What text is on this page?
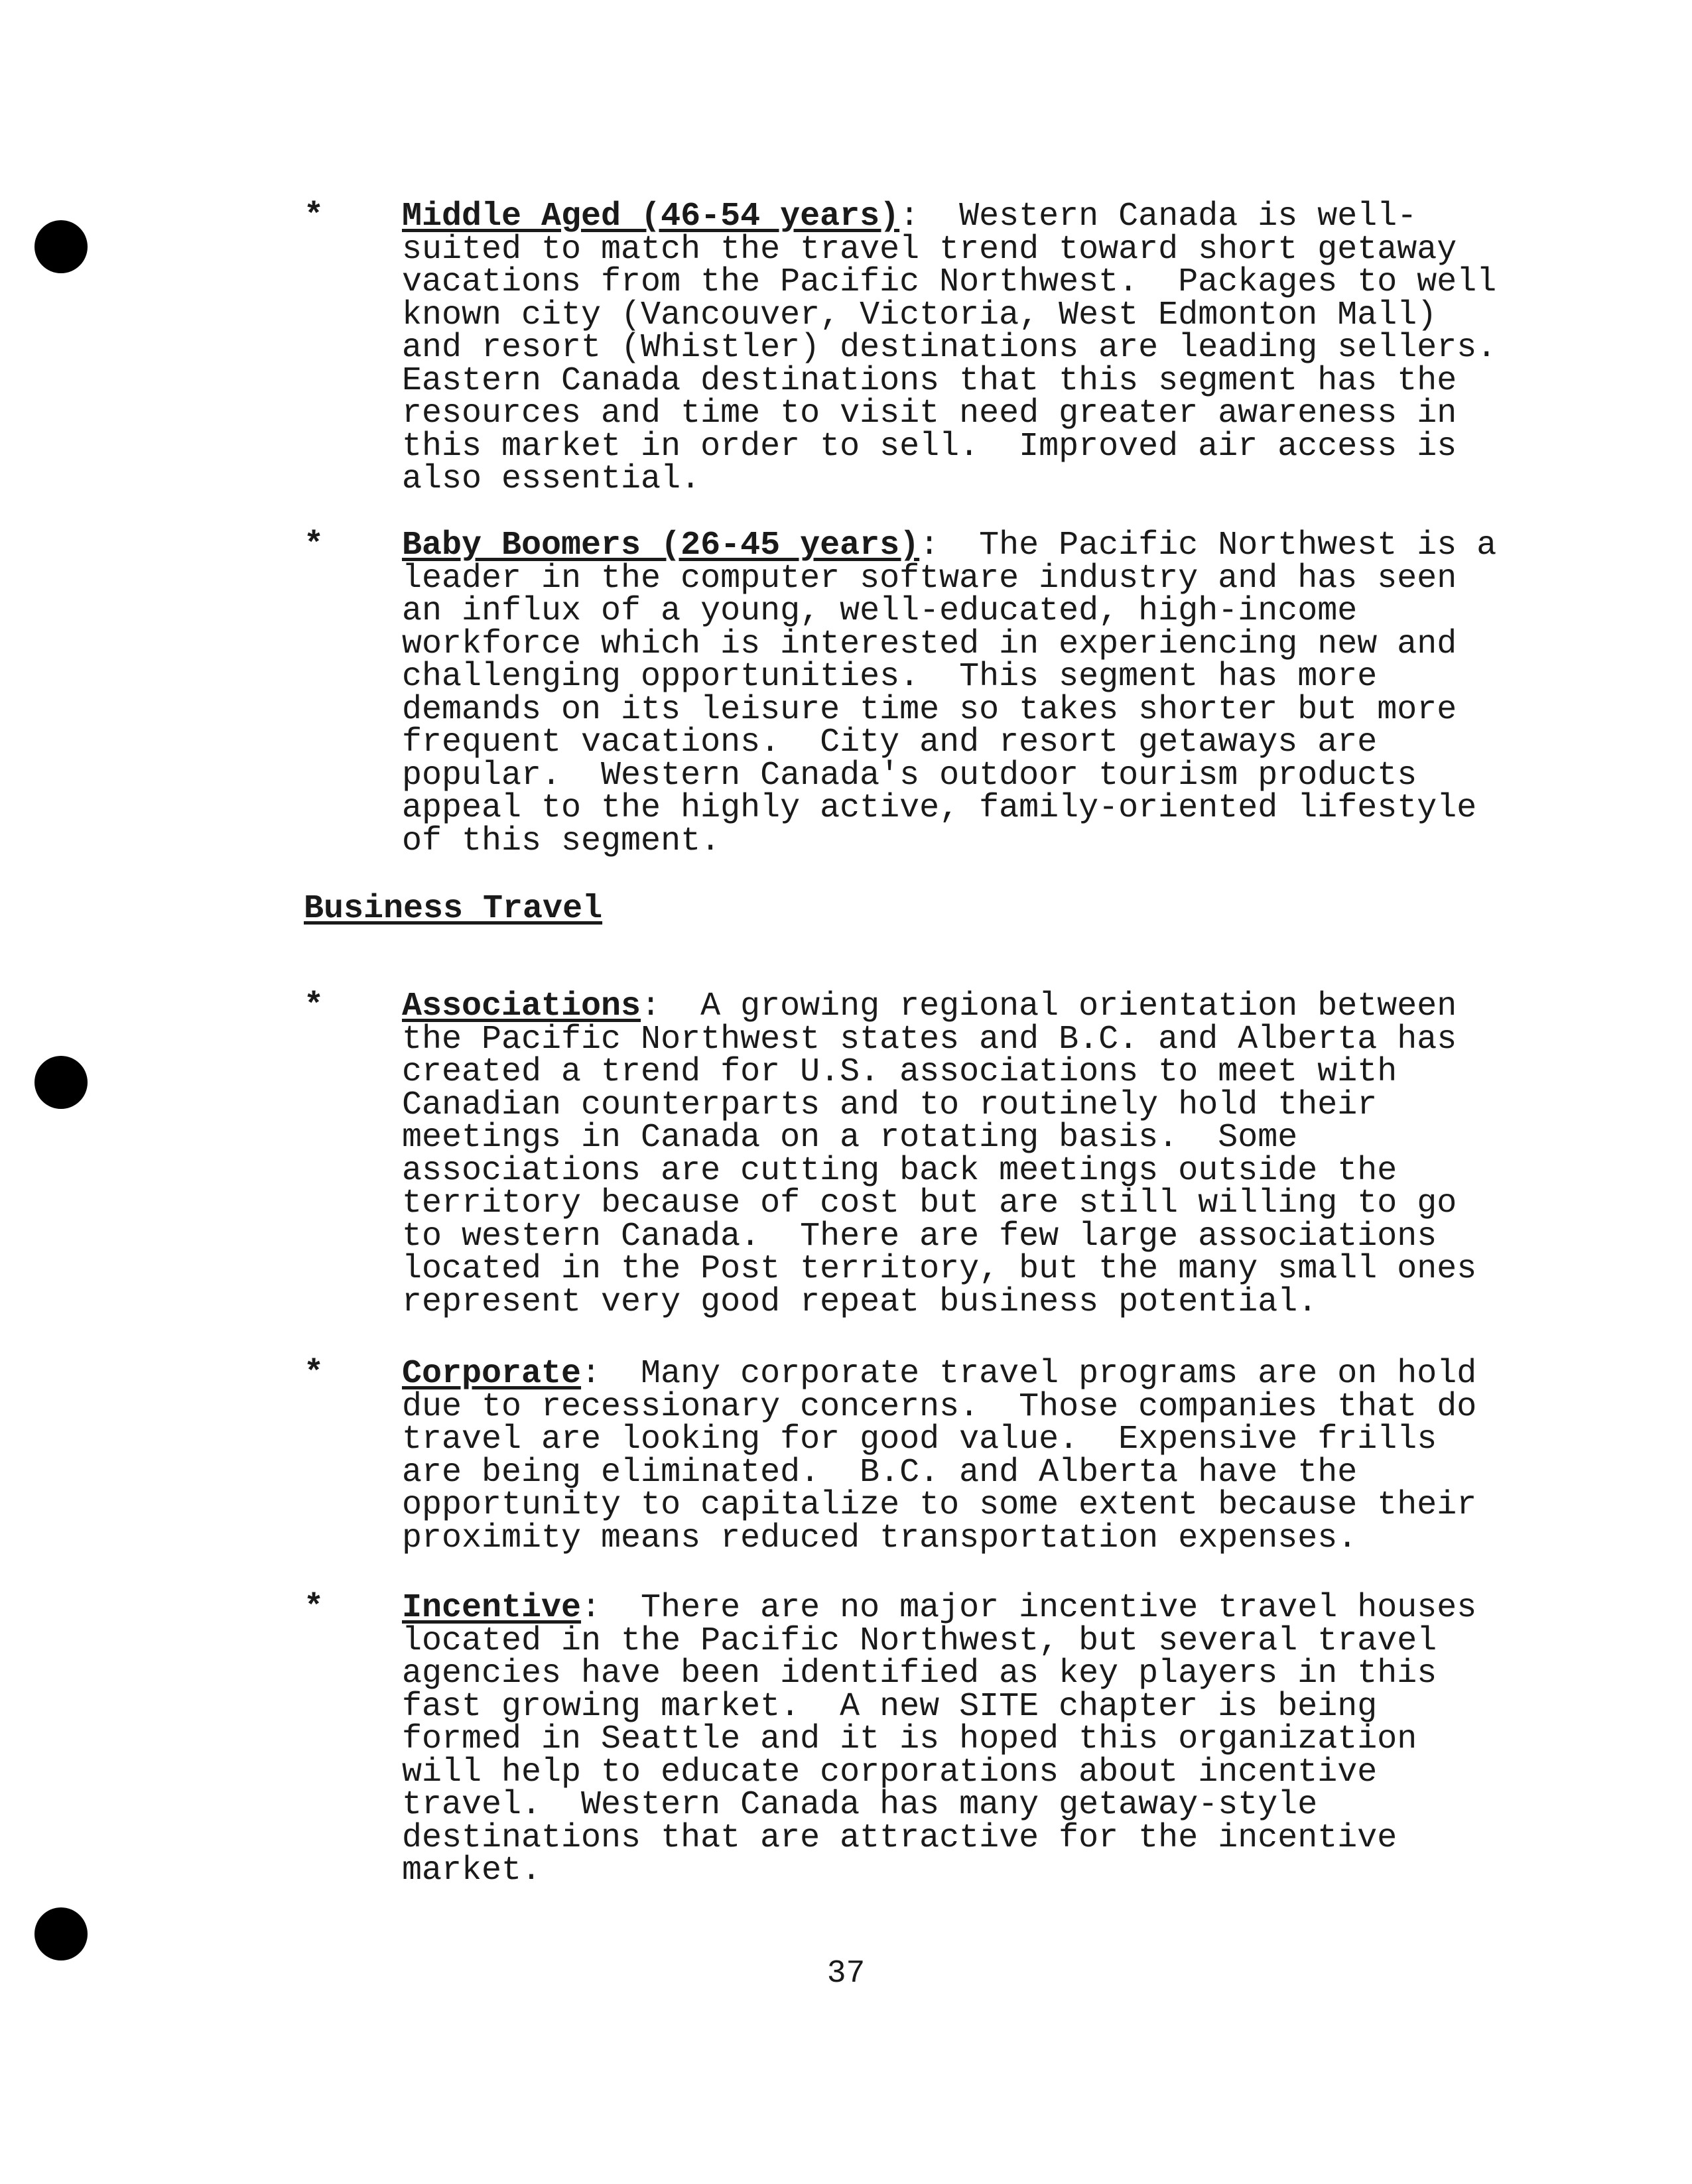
* Middle Aged (46-54 years):  Western Canada is well-
suited to match the travel trend toward short getaway
vacations from the Pacific Northwest.  Packages to well
known city (Vancouver, Victoria, West Edmonton Mall)
and resort (Whistler) destinations are leading sellers.
Eastern Canada destinations that this segment has the
resources and time to visit need greater awareness in
this market in order to sell.  Improved air access is
also essential.
* Baby Boomers (26-45 years):  The Pacific Northwest is a
leader in the computer software industry and has seen
an influx of a young, well-educated, high-income
workforce which is interested in experiencing new and
challenging opportunities.  This segment has more
demands on its leisure time so takes shorter but more
frequent vacations.  City and resort getaways are
popular.  Western Canada's outdoor tourism products
appeal to the highly active, family-oriented lifestyle
of this segment.
Business Travel
* Associations:  A growing regional orientation between
the Pacific Northwest states and B.C. and Alberta has
created a trend for U.S. associations to meet with
Canadian counterparts and to routinely hold their
meetings in Canada on a rotating basis.  Some
associations are cutting back meetings outside the
territory because of cost but are still willing to go
to western Canada.  There are few large associations
located in the Post territory, but the many small ones
represent very good repeat business potential.
* Corporate:  Many corporate travel programs are on hold
due to recessionary concerns.  Those companies that do
travel are looking for good value.  Expensive frills
are being eliminated.  B.C. and Alberta have the
opportunity to capitalize to some extent because their
proximity means reduced transportation expenses.
* Incentive:  There are no major incentive travel houses
located in the Pacific Northwest, but several travel
agencies have been identified as key players in this
fast growing market.  A new SITE chapter is being
formed in Seattle and it is hoped this organization
will help to educate corporations about incentive
travel.  Western Canada has many getaway-style
destinations that are attractive for the incentive
market.
37
